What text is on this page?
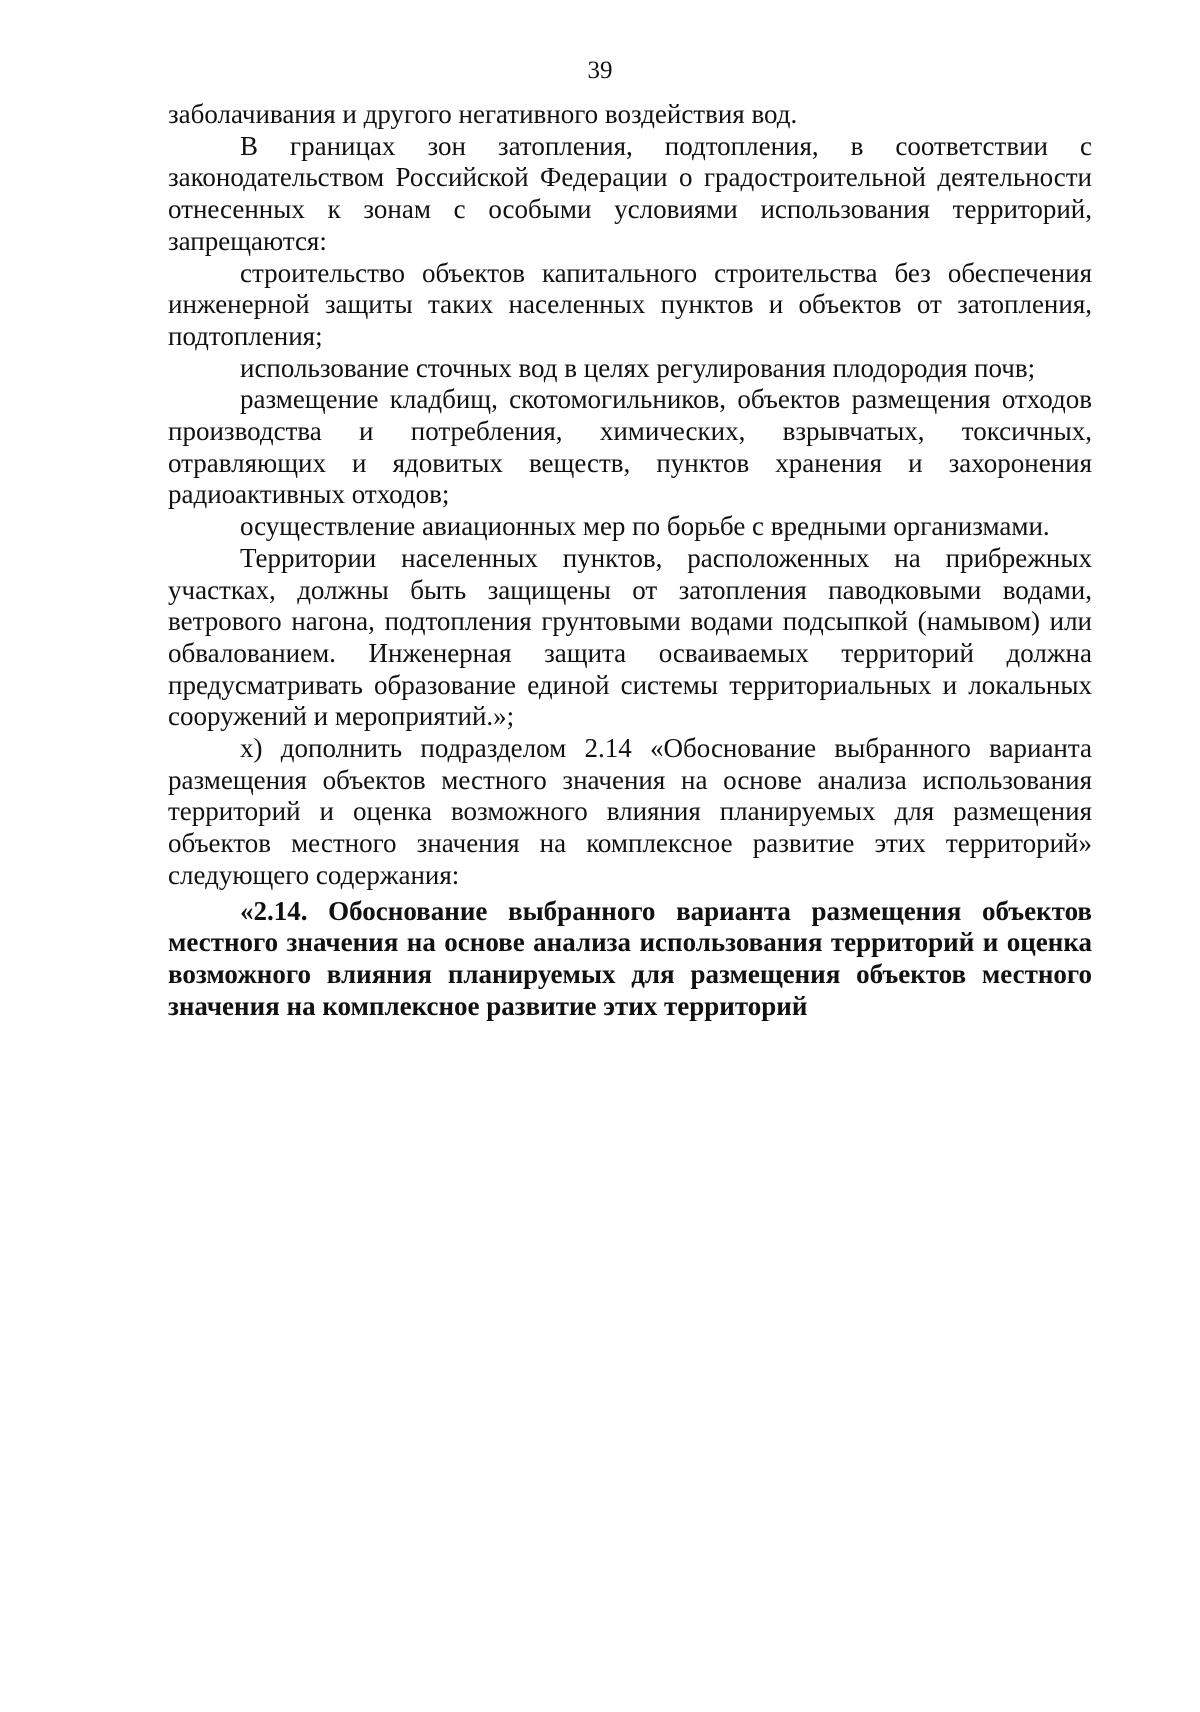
39

заболачивания и другого негативного воздействия вод.

В границах зон затопления, подтопления, в соответствии с законодательством Российской Федерации о градостроительной деятельности отнесенных к зонам с особыми условиями использования территорий, запрещаются:

строительство объектов капитального строительства без обеспечения инженерной защиты таких населенных пунктов и объектов от затопления, подтопления;

использование сточных вод в целях регулирования плодородия почв;

размещение кладбищ, скотомогильников, объектов размещения отходов производства и потребления, химических, взрывчатых, токсичных, отравляющих и ядовитых веществ, пунктов хранения и захоронения радиоактивных отходов;

осуществление авиационных мер по борьбе с вредными организмами.

Территории населенных пунктов, расположенных на прибрежных участках, должны быть защищены от затопления паводковыми водами, ветрового нагона, подтопления грунтовыми водами подсыпкой (намывом) или обвалованием. Инженерная защита осваиваемых территорий должна предусматривать образование единой системы территориальных и локальных сооружений и мероприятий.»;

х) дополнить подразделом 2.14 «Обоснование выбранного варианта размещения объектов местного значения на основе анализа использования территорий и оценка возможного влияния планируемых для размещения объектов местного значения на комплексное развитие этих территорий» следующего содержания:

«2.14. Обоснование выбранного варианта размещения объектов местного значения на основе анализа использования территорий и оценка возможного влияния планируемых для размещения объектов местного значения на комплексное развитие этих территорий
